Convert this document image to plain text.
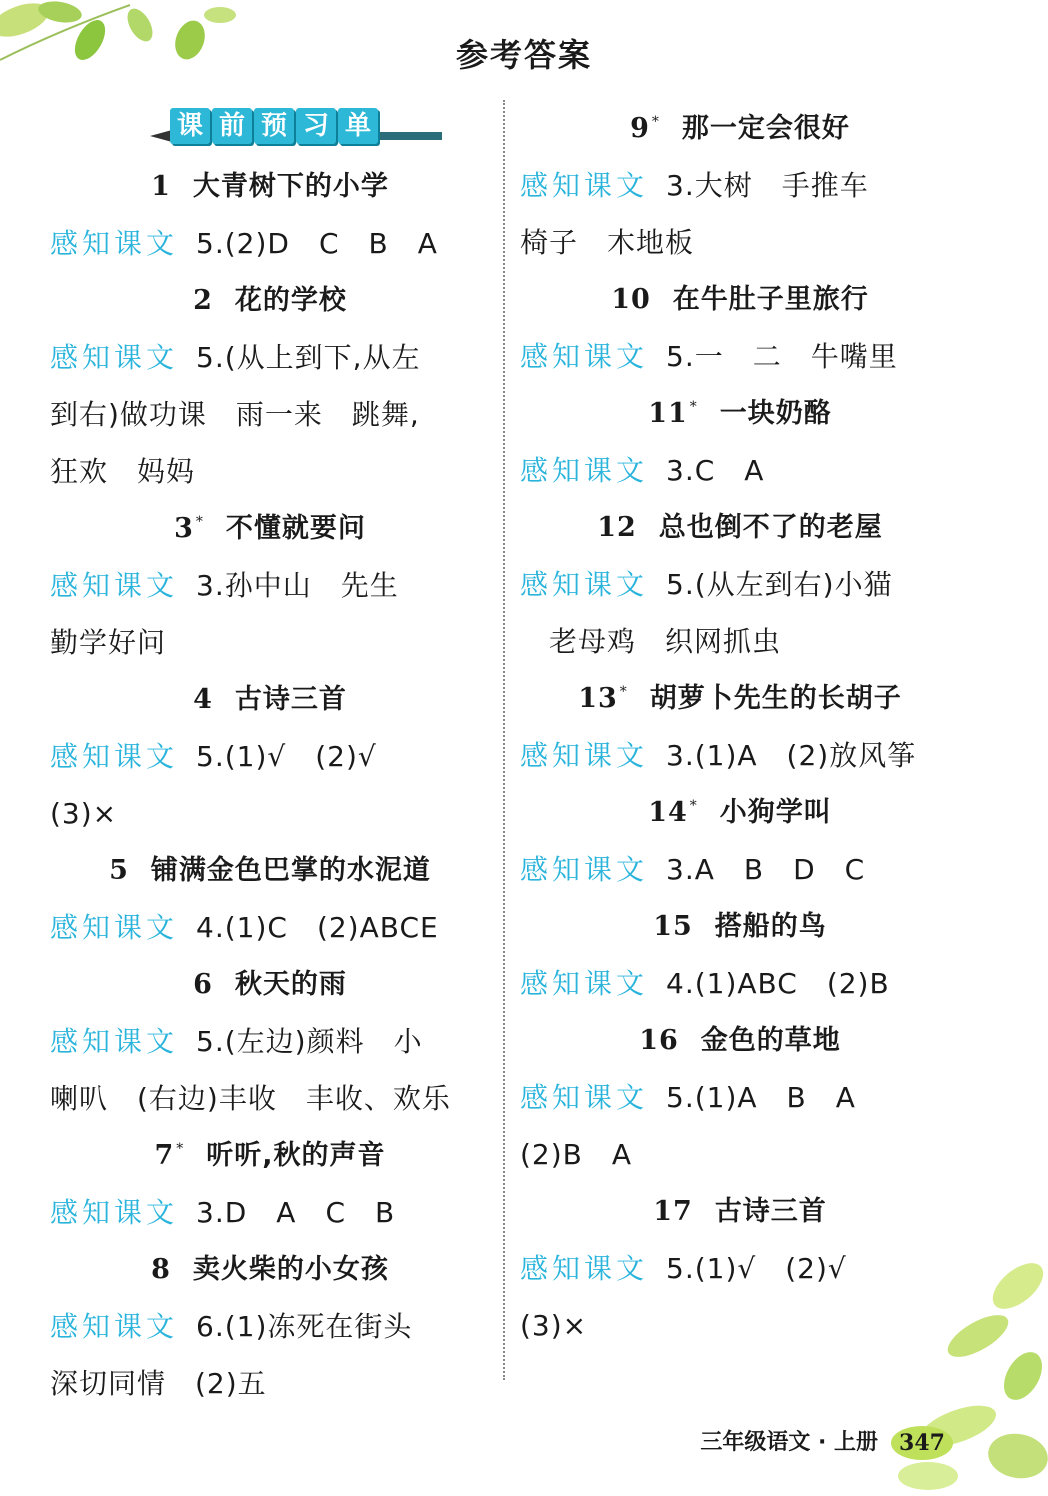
参考答案
课 前 预 习 单
1 大青树下的小学
感知课文 5.(2)D　C　B　A
2 花的学校
感知课文 5.(从上到下,从左
到右)做功课　雨一来　跳舞,
狂欢　妈妈
3 * 不懂就要问
感知课文 3.孙中山　先生
勤学好问
4 古诗三首
感知课文 5.(1)√　(2)√
(3)×
5 铺满金色巴掌的水泥道
感知课文 4.(1)C　(2)ABCE
6 秋天的雨
感知课文 5.(左边)颜料　小
喇叭　(右边)丰收　丰收、欢乐
7 * 听听,秋的声音
感知课文 3.D　A　C　B
8 卖火柴的小女孩
感知课文 6.(1)冻死在街头
深切同情　(2)五
9 * 那一定会很好
感知课文 3.大树　手推车
椅子　木地板
10 在牛肚子里旅行
感知课文 5.一　二　牛嘴里
11 * 一块奶酪
感知课文 3.C　A
12 总也倒不了的老屋
感知课文 5.(从左到右)小猫
　老母鸡　织网抓虫
13 * 胡萝卜先生的长胡子
感知课文 3.(1)A　(2)放风筝
14 * 小狗学叫
感知课文 3.A　B　D　C
15 搭船的鸟
感知课文 4.(1)ABC　(2)B
16 金色的草地
感知课文 5.(1)A　B　A
(2)B　A
17 古诗三首
感知课文 5.(1)√　(2)√
(3)×
三年级语文 · 上册 347
